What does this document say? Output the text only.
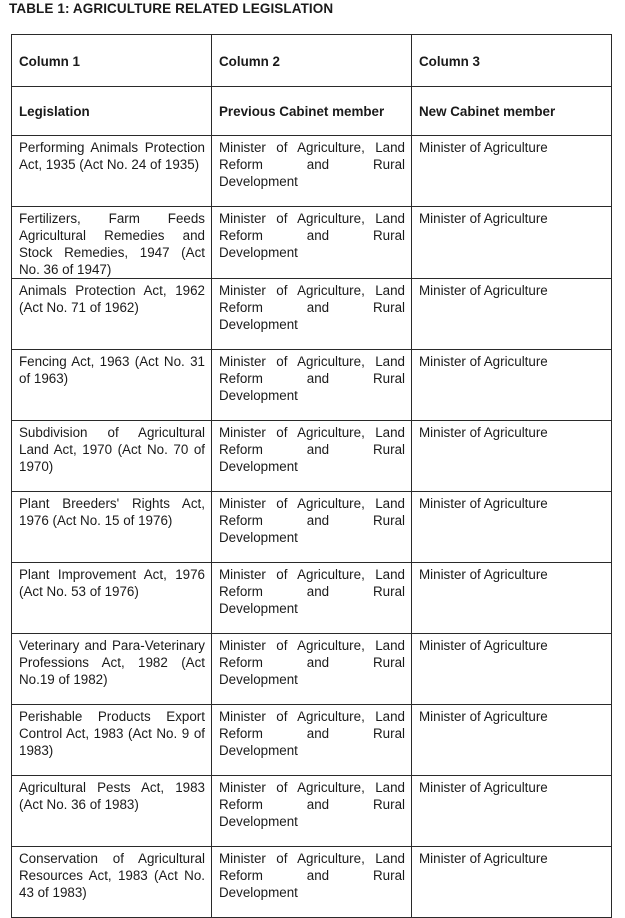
TABLE 1: AGRICULTURE RELATED LEGISLATION
Column 1	Column 2	Column 3
Legislation	Previous Cabinet member	New Cabinet member
Performing Animals Protection Act, 1935 (Act No. 24 of 1935)	Minister of Agriculture, Land Reform and Rural Development	Minister of Agriculture
Fertilizers, Farm Feeds Agricultural Remedies and Stock Remedies, 1947 (Act No. 36 of 1947)	Minister of Agriculture, Land Reform and Rural Development	Minister of Agriculture
Animals Protection Act, 1962 (Act No. 71 of 1962)	Minister of Agriculture, Land Reform and Rural Development	Minister of Agriculture
Fencing Act, 1963 (Act No. 31 of 1963)	Minister of Agriculture, Land Reform and Rural Development	Minister of Agriculture
Subdivision of Agricultural Land Act, 1970 (Act No. 70 of 1970)	Minister of Agriculture, Land Reform and Rural Development	Minister of Agriculture
Plant Breeders' Rights Act, 1976 (Act No. 15 of 1976)	Minister of Agriculture, Land Reform and Rural Development	Minister of Agriculture
Plant Improvement Act, 1976 (Act No. 53 of 1976)	Minister of Agriculture, Land Reform and Rural Development	Minister of Agriculture
Veterinary and Para-Veterinary Professions Act, 1982 (Act No.19 of 1982)	Minister of Agriculture, Land Reform and Rural Development	Minister of Agriculture
Perishable Products Export Control Act, 1983 (Act No. 9 of 1983)	Minister of Agriculture, Land Reform and Rural Development	Minister of Agriculture
Agricultural Pests Act, 1983 (Act No. 36 of 1983)	Minister of Agriculture, Land Reform and Rural Development	Minister of Agriculture
Conservation of Agricultural Resources Act, 1983 (Act No. 43 of 1983)	Minister of Agriculture, Land Reform and Rural Development	Minister of Agriculture
